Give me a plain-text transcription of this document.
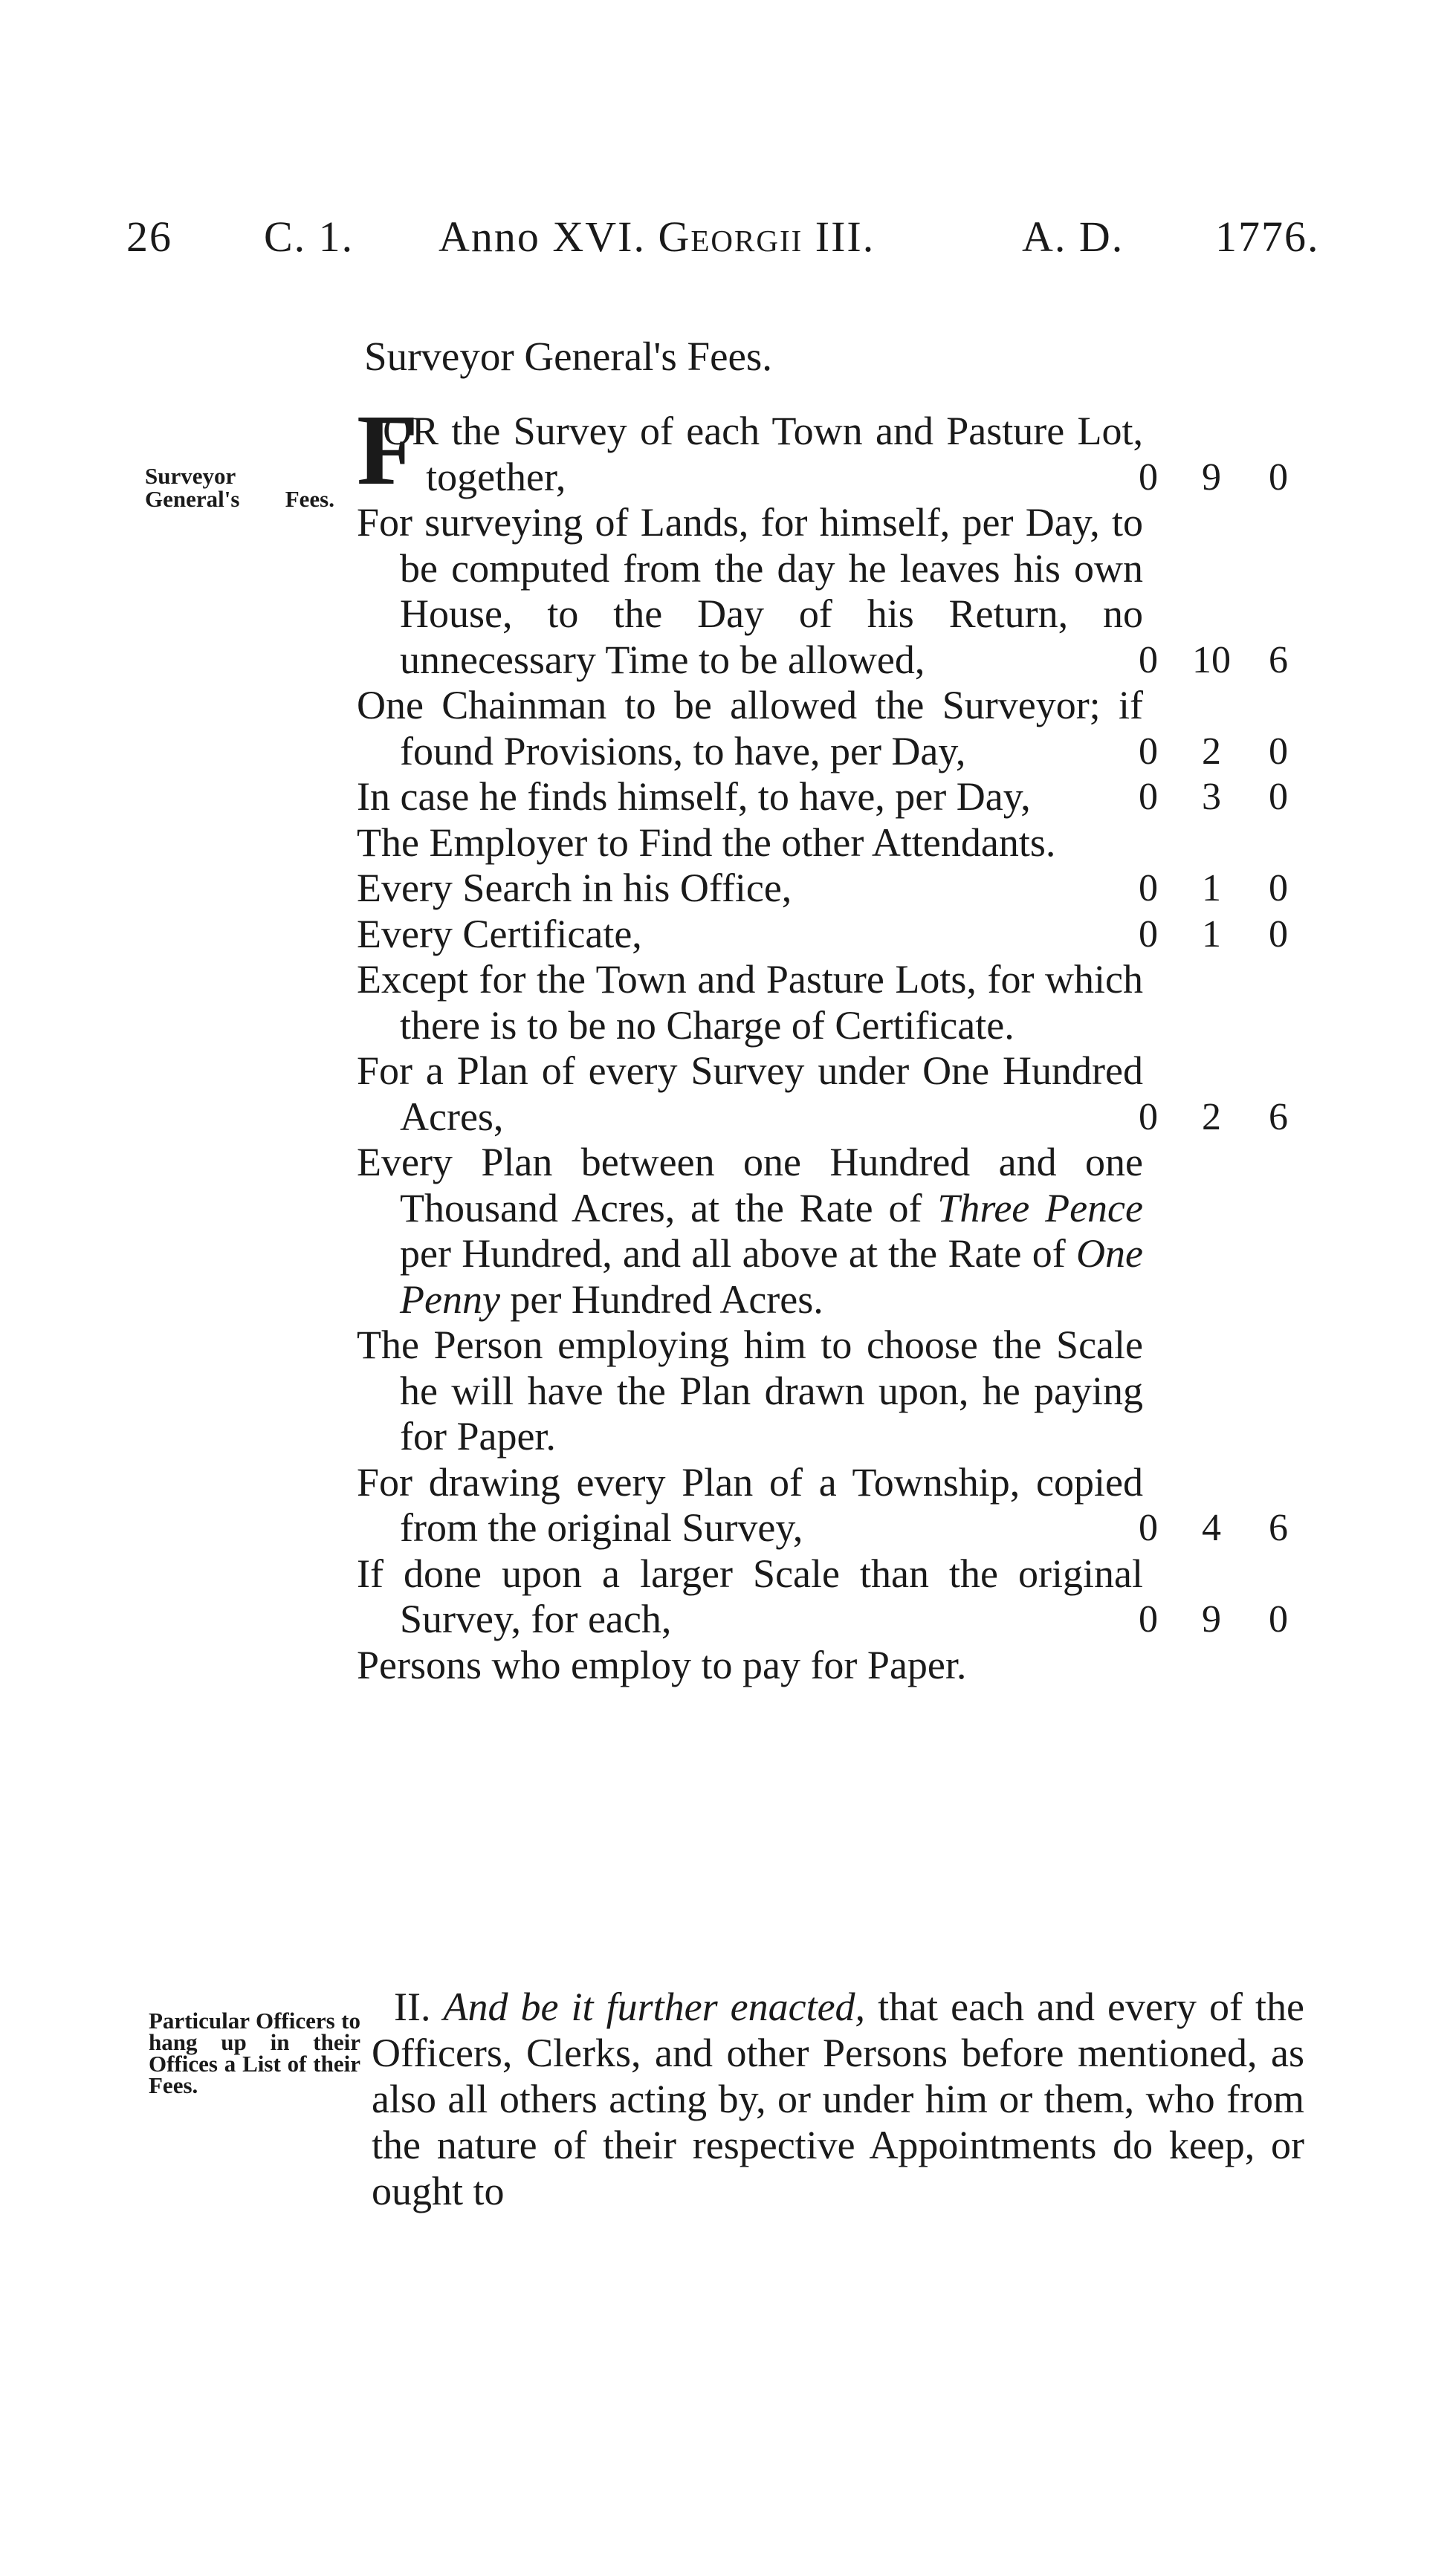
26 C. 1. Anno XVI. Georgii III.	A. D. 1776.
Surveyor General's Fees.
Surveyor General's Fees.
Particular Officers to hang up in their Offices a List of their Fees.
F
OR the Survey of each Town and Pasture Lot, together,	0	9	0
For surveying of Lands, for himself, per Day, to be computed from the day he leaves his own House, to the Day of his Return, no unnecessary Time to be allowed,	0 10 6
One Chainman to be allowed the Surveyor; if found Provisions, to have, per Day,	0	2	0
In case he finds himself, to have, per Day,	0	3	0
The Employer to Find the other Attendants.
Every Search in his Office,	0	1	0
Every Certificate,	0	1	0
Except for the Town and Pasture Lots, for which there is to be no Charge of Certificate.
For a Plan of every Survey under One Hundred Acres,	0	2	6
Every Plan between one Hundred and one Thousand Acres, at the Rate of Three Pence per Hundred, and all above at the Rate of One Penny per Hundred Acres.
The Person employing him to choose the Scale he will have the Plan drawn upon, he paying for Paper.
For drawing every Plan of a Township, copied from the original Survey,	0	4	6
If done upon a larger Scale than the original Survey, for each,	0	9	0
Persons who employ to pay for Paper.
II. And be it further enacted, that each and every of the Officers, Clerks, and other Persons before mentioned, as also all others acting by, or under him or them, who from the nature of their respective Appointments do keep, or ought to
